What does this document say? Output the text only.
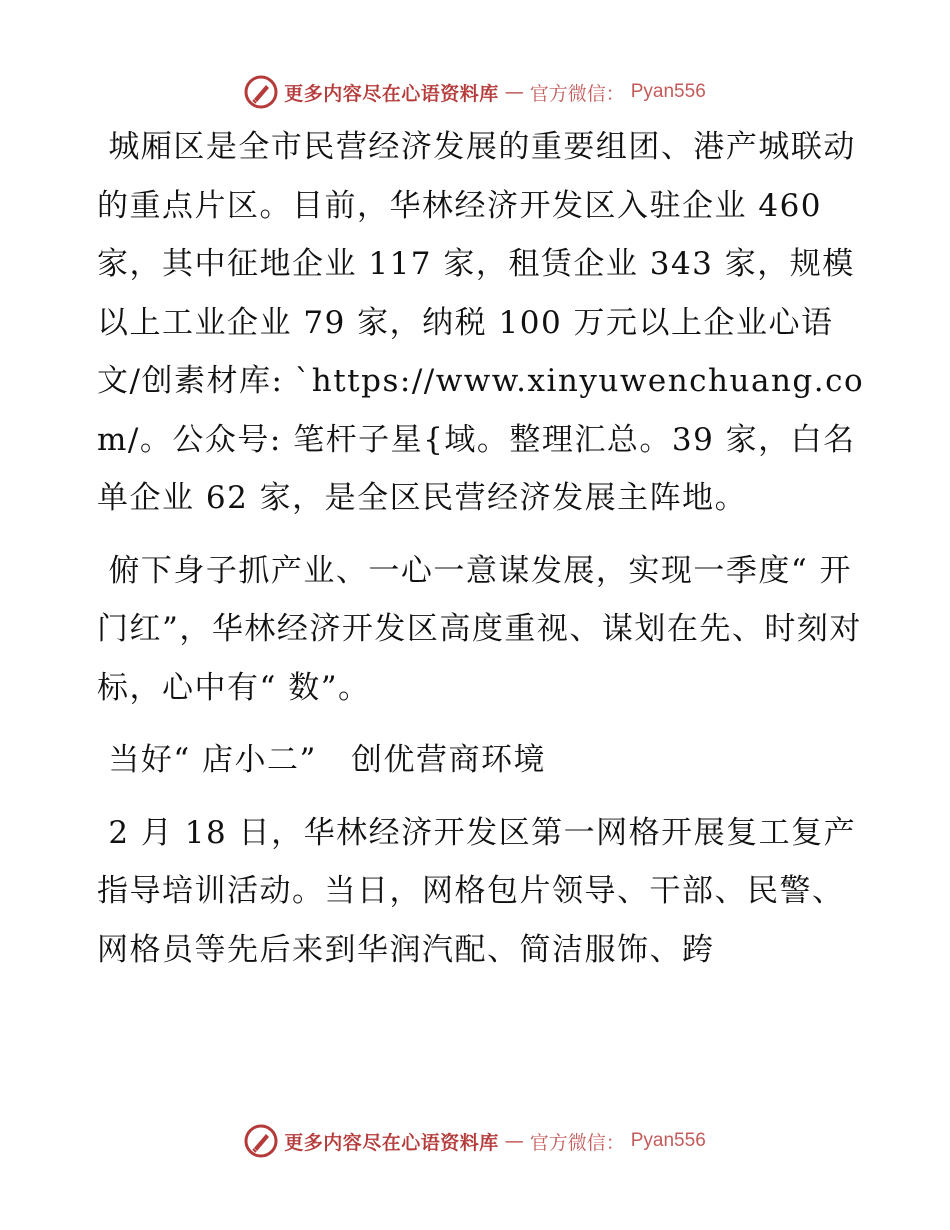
更多内容尽在心语资料库 — 官方微信： Pyan556

城厢区是全市民营经济发展的重要组团、港产城联动的重点片区。目前，华林经济开发区入驻企业 460 家，其中征地企业 117 家，租赁企业 343 家，规模以上工业企业 79 家，纳税 100 万元以上企业心语文/创素材库: `https://www.xinyuwenchuang.com/。公众号: 笔杆子星{域。整理汇总。39 家，白名单企业 62 家，是全区民营经济发展主阵地。

俯下身子抓产业、一心一意谋发展，实现一季度“ 开门红”，华林经济开发区高度重视、谋划在先、时刻对标，心中有“ 数”。

当好“ 店小二”   创优营商环境

2 月 18 日，华林经济开发区第一网格开展复工复产指导培训活动。当日，网格包片领导、干部、民警、网格员等先后来到华润汽配、简洁服饰、跨

更多内容尽在心语资料库 — 官方微信： Pyan556
